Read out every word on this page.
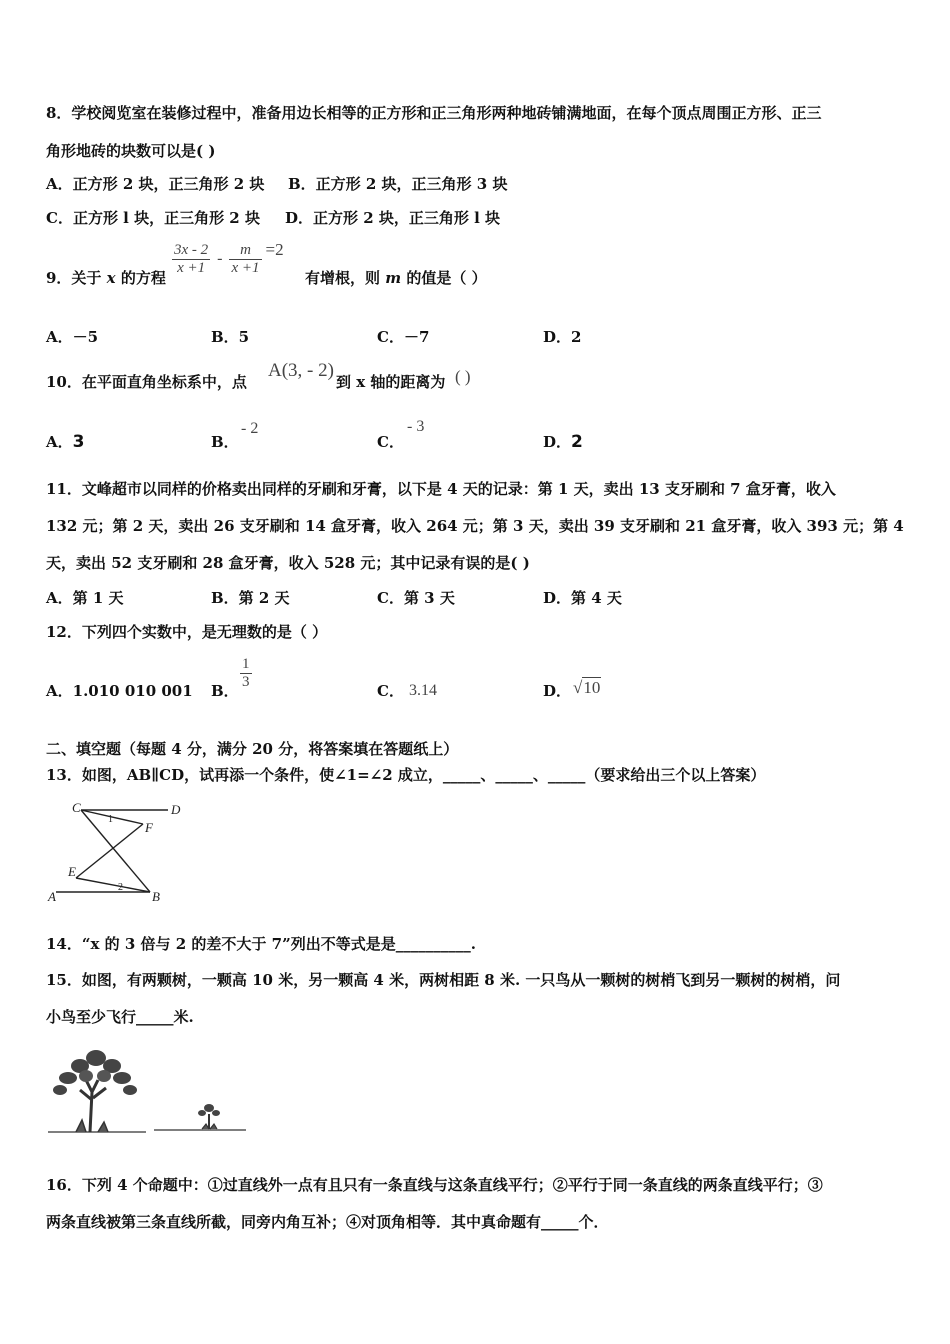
8．学校阅览室在装修过程中，准备用边长相等的正方形和正三角形两种地砖铺满地面，在每个顶点周围正方形、正三
角形地砖的块数可以是( )
A．正方形 2 块，正三角形 2 块 B．正方形 2 块，正三角形 3 块
C．正方形 l 块，正三角形 2 块 D．正方形 2 块，正三角形 l 块
9．关于 x 的方程
$\frac{3x - 2}{x +1} - \frac{m}{x +1} =2$
有增根，则 m 的值是（ ）
A．－5	B．5	C．－7	D．2
10．在平面直角坐标系中，点
A(3, - 2)
到 x 轴的距离为 ( )
A．3	B．
- 2
C．
- 3
D．2
11．文峰超市以同样的价格卖出同样的牙刷和牙膏，以下是 4 天的记录：第 1 天，卖出 13 支牙刷和 7 盒牙膏，收入
132 元；第 2 天，卖出 26 支牙刷和 14 盒牙膏，收入 264 元；第 3 天，卖出 39 支牙刷和 21 盒牙膏，收入 393 元；第 4
天，卖出 52 支牙刷和 28 盒牙膏，收入 528 元；其中记录有误的是( )
A．第 1 天	B．第 2 天	C．第 3 天	D．第 4 天
12．下列四个实数中，是无理数的是（ ）
A．1.010 010 001 B． $\frac{1}{3}$	C． 3.14	D． √10
二、填空题（每题 4 分，满分 20 分，将答案填在答题纸上）
13．如图，AB∥CD，试再添一个条件，使∠1=∠2 成立，_____、_____、_____（要求给出三个以上答案）
C	D
F
E
A	B
1
2
14．“x 的 3 倍与 2 的差不大于 7”列出不等式是是__________.
15．如图，有两颗树，一颗高 10 米，另一颗高 4 米，两树相距 8 米. 一只鸟从一颗树的树梢飞到另一颗树的树梢，问
小鸟至少飞行_____米.
16．下列 4 个命题中：①过直线外一点有且只有一条直线与这条直线平行；②平行于同一条直线的两条直线平行；③
两条直线被第三条直线所截，同旁内角互补；④对顶角相等．其中真命题有_____个．
